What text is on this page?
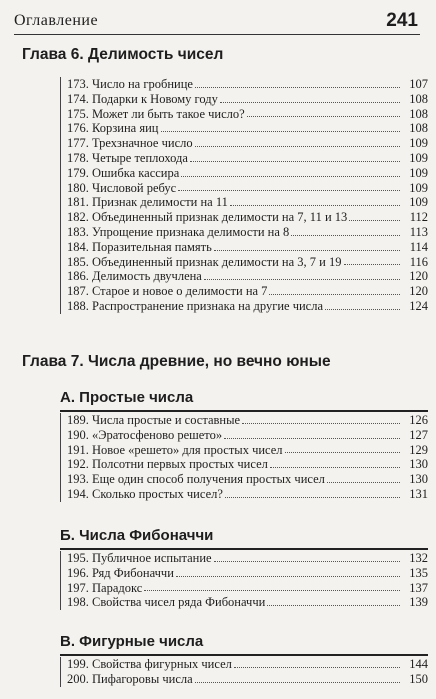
Оглавление	241
Глава 6. Делимость чисел
173. Число на гробнице	107
174. Подарки к Новому году	108
175. Может ли быть такое число?	108
176. Корзина яиц	108
177. Трехзначное число	109
178. Четыре теплохода	109
179. Ошибка кассира	109
180. Числовой ребус	109
181. Признак делимости на 11	109
182. Объединенный признак делимости на 7, 11 и 13	112
183. Упрощение признака делимости на 8	113
184. Поразительная память	114
185. Объединенный признак делимости на 3, 7 и 19	116
186. Делимость двучлена	120
187. Старое и новое о делимости на 7	120
188. Распространение признака на другие числа	124
Глава 7. Числа древние, но вечно юные
А. Простые числа
189. Числа простые и составные	126
190. «Эратосфеново решето»	127
191. Новое «решето» для простых чисел	129
192. Полсотни первых простых чисел	130
193. Еще один способ получения простых чисел	130
194. Сколько простых чисел?	131
Б. Числа Фибоначчи
195. Публичное испытание	132
196. Ряд Фибоначчи	135
197. Парадокс	137
198. Свойства чисел ряда Фибоначчи	139
В. Фигурные числа
199. Свойства фигурных чисел	144
200. Пифагоровы числа	150
